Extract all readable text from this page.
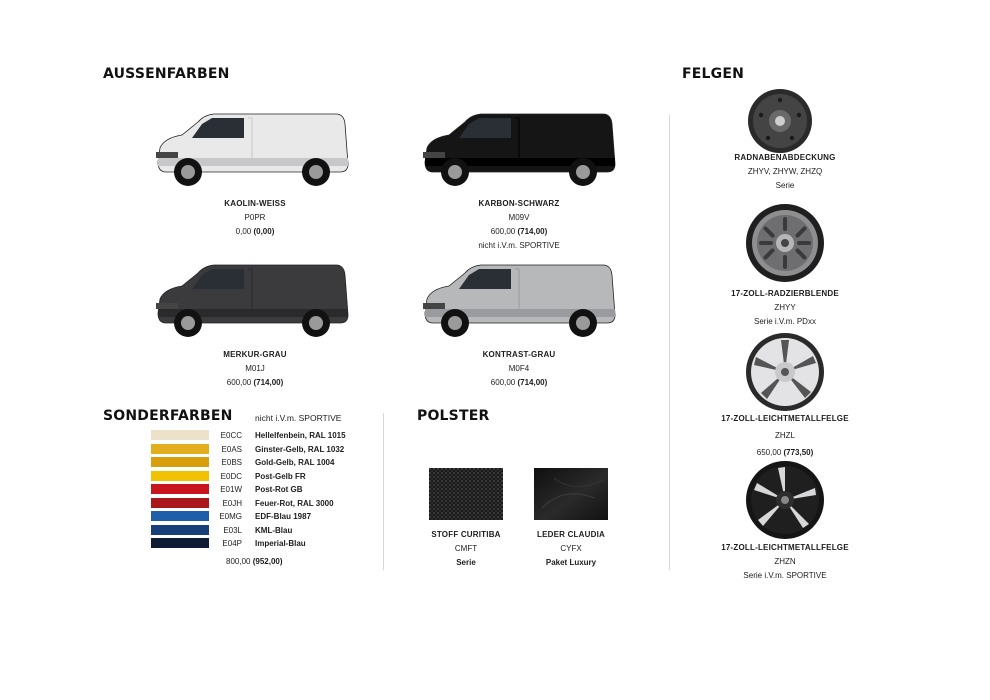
AUSSENFARBEN	FELGEN
SONDERFARBEN	POLSTER
KAOLIN-WEISS
P0PR
0,00 (0,00)
KARBON-SCHWARZ
M09V
600,00 (714,00)
nicht i.V.m. SPORTIVE
MERKUR-GRAU
M01J
600,00 (714,00)
KONTRAST-GRAU
M0F4
600,00 (714,00)
nicht i.V.m. SPORTIVE
E0CC Hellelfenbein, RAL 1015
E0AS Ginster-Gelb, RAL 1032
E0BS Gold-Gelb, RAL 1004
E0DC Post-Gelb FR
E01W Post-Rot GB
E0JH Feuer-Rot, RAL 3000
E0MG EDF-Blau 1987
E03L KML-Blau
E04P Imperial-Blau
800,00 (952,00)
STOFF CURITIBA
CMFT
Serie
LEDER CLAUDIA
CYFX
Paket Luxury
RADNABENABDECKUNG
ZHYV, ZHYW, ZHZQ
Serie
17-ZOLL-RADZIERBLENDE
ZHYY
Serie i.V.m. PDxx
17-ZOLL-LEICHTMETALLFELGE
ZHZL
650,00 (773,50)
17-ZOLL-LEICHTMETALLFELGE
ZHZN
Serie i.V.m. SPORTIVE
